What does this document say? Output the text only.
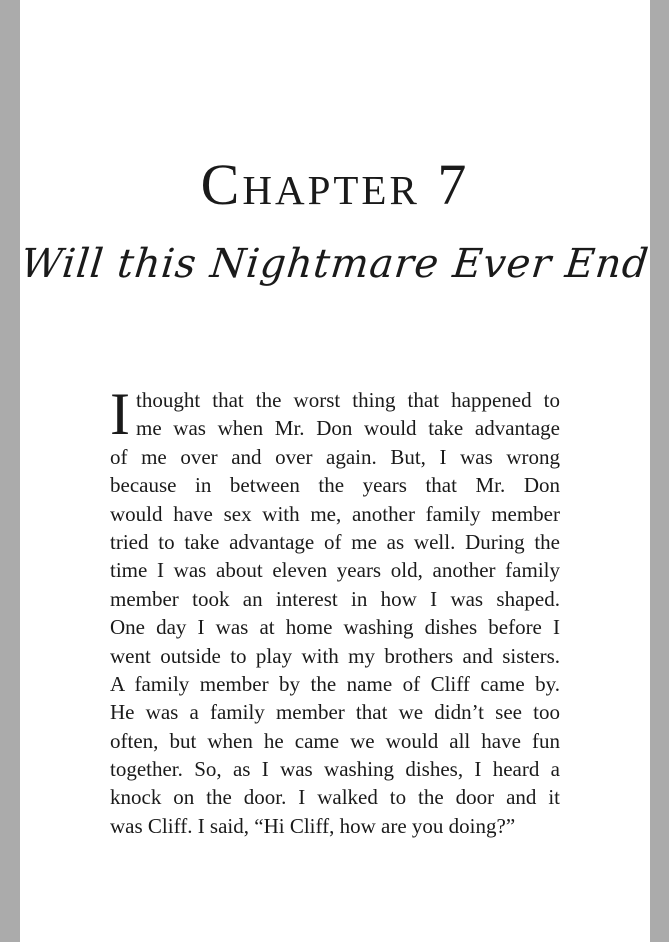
Chapter 7
Will this Nightmare Ever End
I thought that the worst thing that happened to
me was when Mr. Don would take advantage
of me over and over again. But, I was wrong
because in between the years that Mr. Don
would have sex with me, another family member
tried to take advantage of me as well. During the
time I was about eleven years old, another family
member took an interest in how I was shaped.
One day I was at home washing dishes before I
went outside to play with my brothers and sisters.
A family member by the name of Cliff came by.
He was a family member that we didn’t see too
often, but when he came we would all have fun
together. So, as I was washing dishes, I heard a
knock on the door. I walked to the door and it
was Cliff. I said, “Hi Cliff, how are you doing?”
